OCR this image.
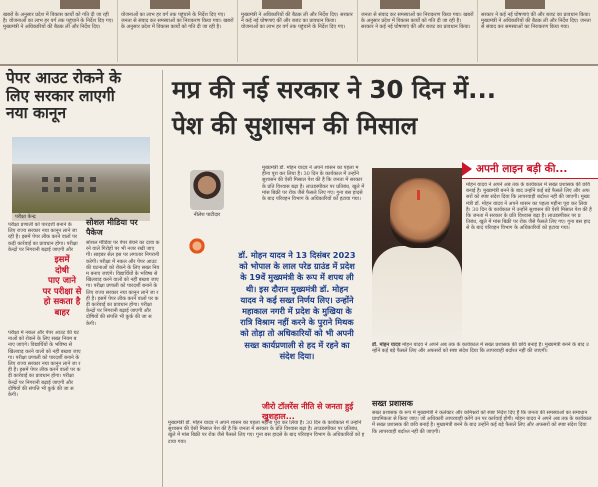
खबरों के अनुसार प्रदेश में विकास कार्यों को गति दी जा रही है। योजनाओं का लाभ हर वर्ग तक पहुंचाने के निर्देश दिए गए। मुख्यमंत्री ने अधिकारियों की बैठक ली और निर्देश दिए।
योजनाओं का लाभ हर वर्ग तक पहुंचाने के निर्देश दिए गए। जनता से संवाद कर समस्याओं का निराकरण किया गया। खबरों के अनुसार प्रदेश में विकास कार्यों को गति दी जा रही है।
मुख्यमंत्री ने अधिकारियों की बैठक ली और निर्देश दिए। सरकार ने कई नई घोषणाएं कीं और बजट का प्रावधान किया। योजनाओं का लाभ हर वर्ग तक पहुंचाने के निर्देश दिए गए।
जनता से संवाद कर समस्याओं का निराकरण किया गया। खबरों के अनुसार प्रदेश में विकास कार्यों को गति दी जा रही है। सरकार ने कई नई घोषणाएं कीं और बजट का प्रावधान किया।
सरकार ने कई नई घोषणाएं कीं और बजट का प्रावधान किया। मुख्यमंत्री ने अधिकारियों की बैठक ली और निर्देश दिए। जनता से संवाद कर समस्याओं का निराकरण किया गया।
पेपर आउट रोकने के
लिए सरकार लाएगी
नया कानून
मप्र की नई सरकार ने 30 दिन में...
पेश की सुशासन की मिसाल
परीक्षा केन्द्र
परीक्षा प्रणाली को पारदर्शी बनाने के लिए राज्य सरकार नया कानून लाने जा रही है। इसमें पेपर लीक करने वालों पर कड़ी कार्रवाई का प्रावधान होगा। परीक्षा केन्द्रों पर निगरानी बढ़ाई जाएगी और
इसमें
दोषी
पाए जाने
पर परीक्षा से
हो सकता है
बाहर
परीक्षा में नकल और पेपर आउट की घटनाओं को रोकने के लिए सख्त नियम बनाए जाएंगे। विद्यार्थियों के भविष्य से खिलवाड़ करने वालों को नहीं बख्शा जाएगा। परीक्षा प्रणाली को पारदर्शी बनाने के लिए राज्य सरकार नया कानून लाने जा रही है। इसमें पेपर लीक करने वालों पर कड़ी कार्रवाई का प्रावधान होगा। परीक्षा केन्द्रों पर निगरानी बढ़ाई जाएगी और दोषियों की संपत्ति भी कुर्क की जा सकेगी।
सोशल मीडिया पर
पैकेज
सोशल मीडिया पर पेपर बेचने का दावा करने वाले गिरोहों पर भी नजर रखी जाएगी। साइबर सेल इस पर लगातार निगरानी करेगी। परीक्षा में नकल और पेपर आउट की घटनाओं को रोकने के लिए सख्त नियम बनाए जाएंगे। विद्यार्थियों के भविष्य से खिलवाड़ करने वालों को नहीं बख्शा जाएगा। परीक्षा प्रणाली को पारदर्शी बनाने के लिए राज्य सरकार नया कानून लाने जा रही है। इसमें पेपर लीक करने वालों पर कड़ी कार्रवाई का प्रावधान होगा। परीक्षा केन्द्रों पर निगरानी बढ़ाई जाएगी और दोषियों की संपत्ति भी कुर्क की जा सकेगी।
नीलेश पाटीदार
डॉ. मोहन यादव ने 13 दिसंबर 2023 को भोपाल के लाल परेड ग्राउंड में प्रदेश के 19वें मुख्यमंत्री के रूप में शपथ ली थी। इस दौरान मुख्यमंत्री डॉ. मोहन यादव ने कई सख्त निर्णय लिए। उन्होंने महाकाल नगरी में प्रदेश के मुखिया के रात्रि विश्राम नहीं करने के पुराने मिथक को तोड़ा तो अधिकारियों को भी अपनी सख्त कार्यप्रणाली से हद में रहने का संदेश दिया।
मुख्यमंत्री डॉ. मोहन यादव ने अपने शासन का पहला महीना पूरा कर लिया है। 30 दिन के कार्यकाल में उन्होंने सुशासन की ऐसी मिसाल पेश की है कि जनता में सरकार के प्रति विश्वास बढ़ा है। लाउडस्पीकर पर प्रतिबंध, खुले में मांस बिक्री पर रोक जैसे फैसले लिए गए। गुना बस हादसे के बाद परिवहन विभाग के अधिकारियों को हटाया गया।
मुख्यमंत्री डॉ. मोहन यादव ने अपने शासन का पहला महीना पूरा कर लिया है। 30 दिन के कार्यकाल में उन्होंने सुशासन की ऐसी मिसाल पेश की है कि जनता में सरकार के प्रति विश्वास बढ़ा है। लाउडस्पीकर पर प्रतिबंध, खुले में मांस बिक्री पर रोक जैसे फैसले लिए गए। गुना बस हादसे के बाद परिवहन विभाग के अधिकारियों को हटाया गया।
अपनी लाइन बड़ी की...
मोहन यादव ने अपने अब तक के कार्यकाल में सख्त प्रशासक की छवि बनाई है। मुख्यमंत्री बनने के बाद उन्होंने कई बड़े फैसले लिए और अफसरों को स्पष्ट संदेश दिया कि लापरवाही बर्दाश्त नहीं की जाएगी। मुख्यमंत्री डॉ. मोहन यादव ने अपने शासन का पहला महीना पूरा कर लिया है। 30 दिन के कार्यकाल में उन्होंने सुशासन की ऐसी मिसाल पेश की है कि जनता में सरकार के प्रति विश्वास बढ़ा है। लाउडस्पीकर पर प्रतिबंध, खुले में मांस बिक्री पर रोक जैसे फैसले लिए गए। गुना बस हादसे के बाद परिवहन विभाग के अधिकारियों को हटाया गया।
डॉ. मोहन यादव मोहन यादव ने अपने अब तक के कार्यकाल में सख्त प्रशासक की छवि बनाई है। मुख्यमंत्री बनने के बाद उन्होंने कई बड़े फैसले लिए और अफसरों को स्पष्ट संदेश दिया कि लापरवाही बर्दाश्त नहीं की जाएगी।
जीरो टॉलरेंस नीति से जनता हुई खुशहाल...
सख्त प्रशासक
सख्त प्रशासक के रूप में मुख्यमंत्री ने कलेक्टर और कमिश्नरों को स्पष्ट निर्देश दिए हैं कि जनता की समस्याओं का समाधान प्राथमिकता से किया जाए। जो अधिकारी लापरवाही करेंगे उन पर कार्रवाई होगी। मोहन यादव ने अपने अब तक के कार्यकाल में सख्त प्रशासक की छवि बनाई है। मुख्यमंत्री बनने के बाद उन्होंने कई बड़े फैसले लिए और अफसरों को स्पष्ट संदेश दिया कि लापरवाही बर्दाश्त नहीं की जाएगी।
